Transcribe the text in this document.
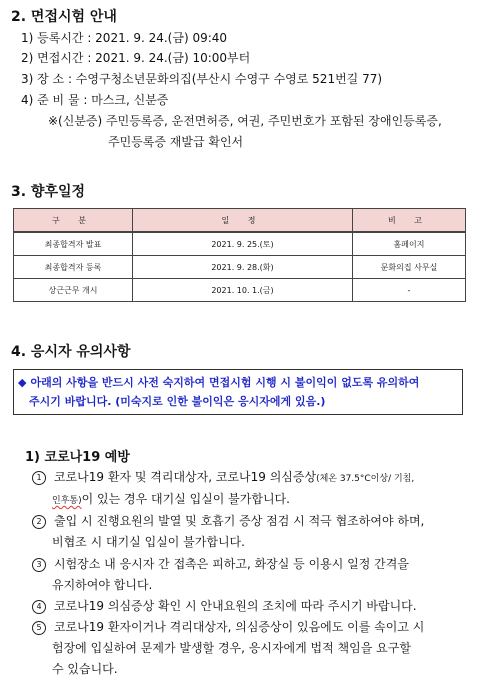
2. 면접시험 안내
1) 등록시간 : 2021. 9. 24.(금) 09:40
2) 면접시간 : 2021. 9. 24.(금) 10:00부터
3) 장 소 : 수영구청소년문화의집(부산시 수영구 수영로 521번길 77)
4) 준 비 물 : 마스크, 신분증
※(신분증) 주민등록증, 운전면허증, 여권, 주민번호가 포함된 장애인등록증,
주민등록증 재발급 확인서
3. 향후일정
구 분	일 정	비 고
최종합격자 발표	2021. 9. 25.(토)	홈페이지
최종합격자 등록	2021. 9. 28.(화)	문화의집 사무실
상근근무 개시	2021. 10. 1.(금)	-
4. 응시자 유의사항
◆ 아래의 사항을 반드시 사전 숙지하여 면접시험 시행 시 불이익이 없도록 유의하여
주시기 바랍니다. (미숙지로 인한 불이익은 응시자에게 있음.)
1) 코로나19 예방
1 코로나19 환자 및 격리대상자, 코로나19 의심증상(체온 37.5°C이상/ 기침,
인후통)이 있는 경우 대기실 입실이 불가합니다.
2 출입 시 진행요원의 발열 및 호흡기 증상 점검 시 적극 협조하여야 하며,
비협조 시 대기실 입실이 불가합니다.
3 시험장소 내 응시자 간 접촉은 피하고, 화장실 등 이용시 일정 간격을
유지하여야 합니다.
4 코로나19 의심증상 확인 시 안내요원의 조치에 따라 주시기 바랍니다.
5 코로나19 환자이거나 격리대상자, 의심증상이 있음에도 이를 속이고 시
험장에 입실하여 문제가 발생할 경우, 응시자에게 법적 책임을 요구할
수 있습니다.
